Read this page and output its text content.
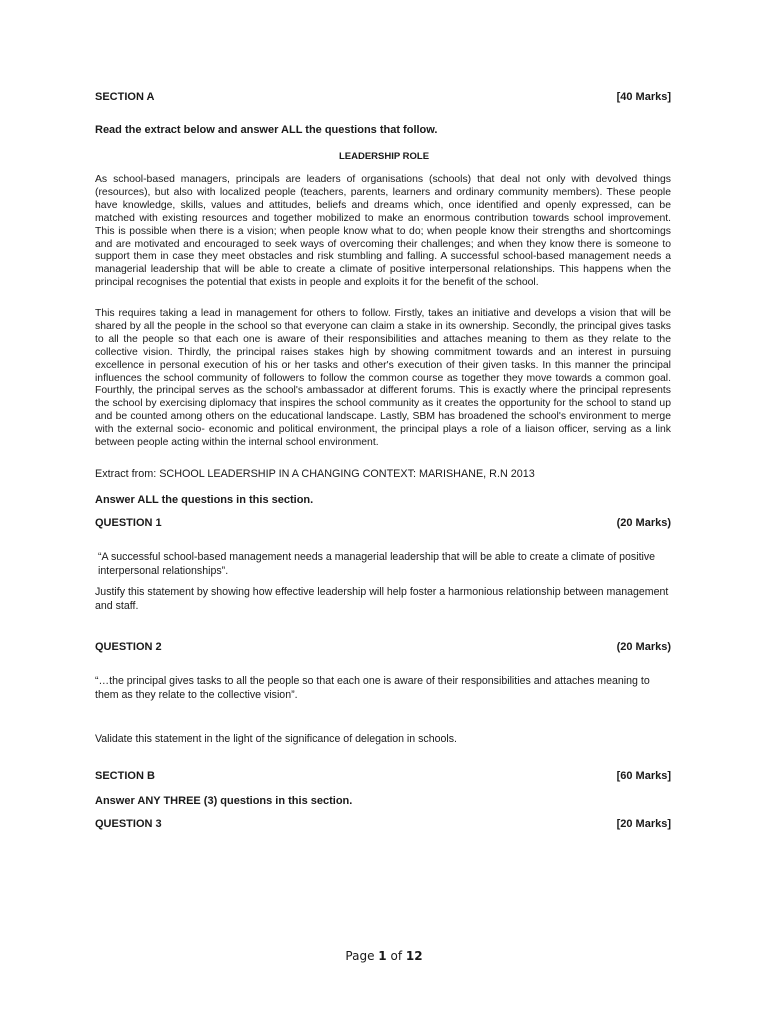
SECTION A	[40 Marks]
Read the extract below and answer ALL the questions that follow.
LEADERSHIP ROLE
As school-based managers, principals are leaders of organisations (schools) that deal not only with devolved things (resources), but also with localized people (teachers, parents, learners and ordinary community members). These people have knowledge, skills, values and attitudes, beliefs and dreams which, once identified and openly expressed, can be matched with existing resources and together mobilized to make an enormous contribution towards school improvement. This is possible when there is a vision; when people know what to do; when people know their strengths and shortcomings and are motivated and encouraged to seek ways of overcoming their challenges; and when they know there is someone to support them in case they meet obstacles and risk stumbling and falling. A successful school-based management needs a managerial leadership that will be able to create a climate of positive interpersonal relationships. This happens when the principal recognises the potential that exists in people and exploits it for the benefit of the school.
This requires taking a lead in management for others to follow. Firstly, takes an initiative and develops a vision that will be shared by all the people in the school so that everyone can claim a stake in its ownership. Secondly, the principal gives tasks to all the people so that each one is aware of their responsibilities and attaches meaning to them as they relate to the collective vision. Thirdly, the principal raises stakes high by showing commitment towards and an interest in pursuing excellence in personal execution of his or her tasks and other's execution of their given tasks. In this manner the principal influences the school community of followers to follow the common course as together they move towards a common goal. Fourthly, the principal serves as the school's ambassador at different forums. This is exactly where the principal represents the school by exercising diplomacy that inspires the school community as it creates the opportunity for the school to stand up and be counted among others on the educational landscape. Lastly, SBM has broadened the school's environment to merge with the external socio- economic and political environment, the principal plays a role of a liaison officer, serving as a link between people acting within the internal school environment.
Extract from: SCHOOL LEADERSHIP IN A CHANGING CONTEXT: MARISHANE, R.N 2013
Answer ALL the questions in this section.
QUESTION 1	(20 Marks)
“A successful school-based management needs a managerial leadership that will be able to create a climate of positive interpersonal relationships”.
Justify this statement by showing how effective leadership will help foster a harmonious relationship between management and staff.
QUESTION 2	(20 Marks)
“…the principal gives tasks to all the people so that each one is aware of their responsibilities and attaches meaning to them as they relate to the collective vision”.
Validate this statement in the light of the significance of delegation in schools.
SECTION B	[60 Marks]
Answer ANY THREE (3) questions in this section.
QUESTION 3	[20 Marks]
Page 1 of 12
